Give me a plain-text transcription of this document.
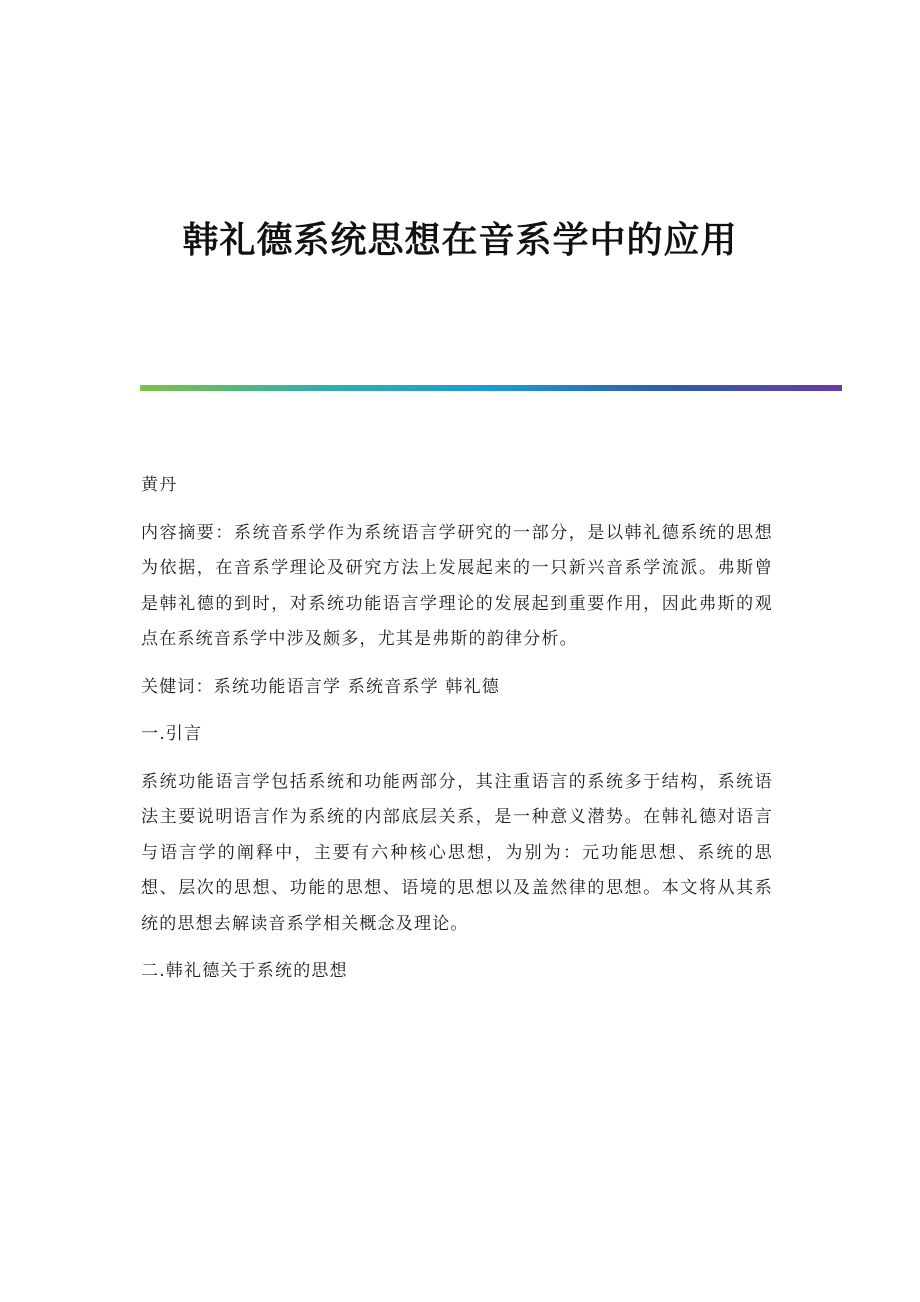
韩礼德系统思想在音系学中的应用

黄丹

内容摘要：系统音系学作为系统语言学研究的一部分，是以韩礼德系统的思想为依据，在音系学理论及研究方法上发展起来的一只新兴音系学流派。弗斯曾是韩礼德的到时，对系统功能语言学理论的发展起到重要作用，因此弗斯的观点在系统音系学中涉及颇多，尤其是弗斯的韵律分析。

关健词：系统功能语言学 系统音系学 韩礼德

一.引言

系统功能语言学包括系统和功能两部分，其注重语言的系统多于结构，系统语法主要说明语言作为系统的内部底层关系，是一种意义潜势。在韩礼德对语言与语言学的阐释中，主要有六种核心思想，为别为：元功能思想、系统的思想、层次的思想、功能的思想、语境的思想以及盖然律的思想。本文将从其系统的思想去解读音系学相关概念及理论。

二.韩礼德关于系统的思想
